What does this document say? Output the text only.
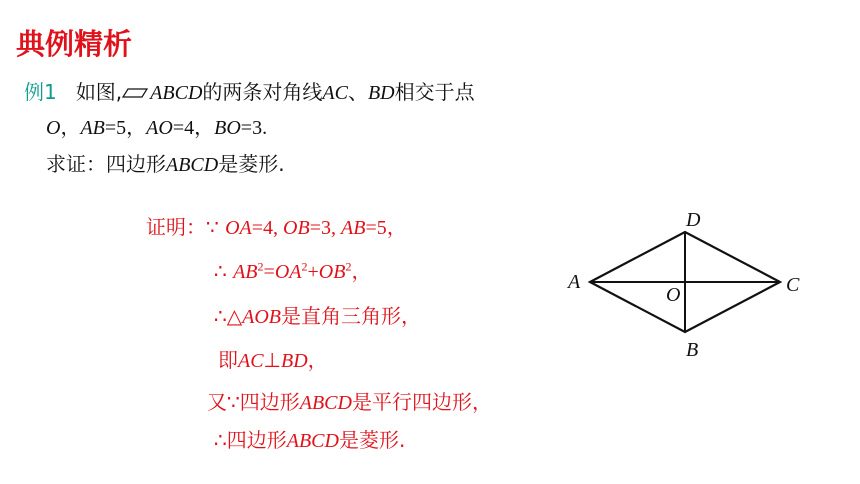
典例精析
例1 如图, ABCD的两条对角线AC、BD相交于点
O，AB=5，AO=4，BO=3.
求证：四边形ABCD是菱形.
证明：∵ OA=4, OB=3, AB=5，
∴ $AB^2=OA^2+OB^2$，
∴△AOB是直角三角形，
即AC⊥BD，
又∵四边形ABCD是平行四边形，
∴四边形ABCD是菱形.
A
D
C
B
O
